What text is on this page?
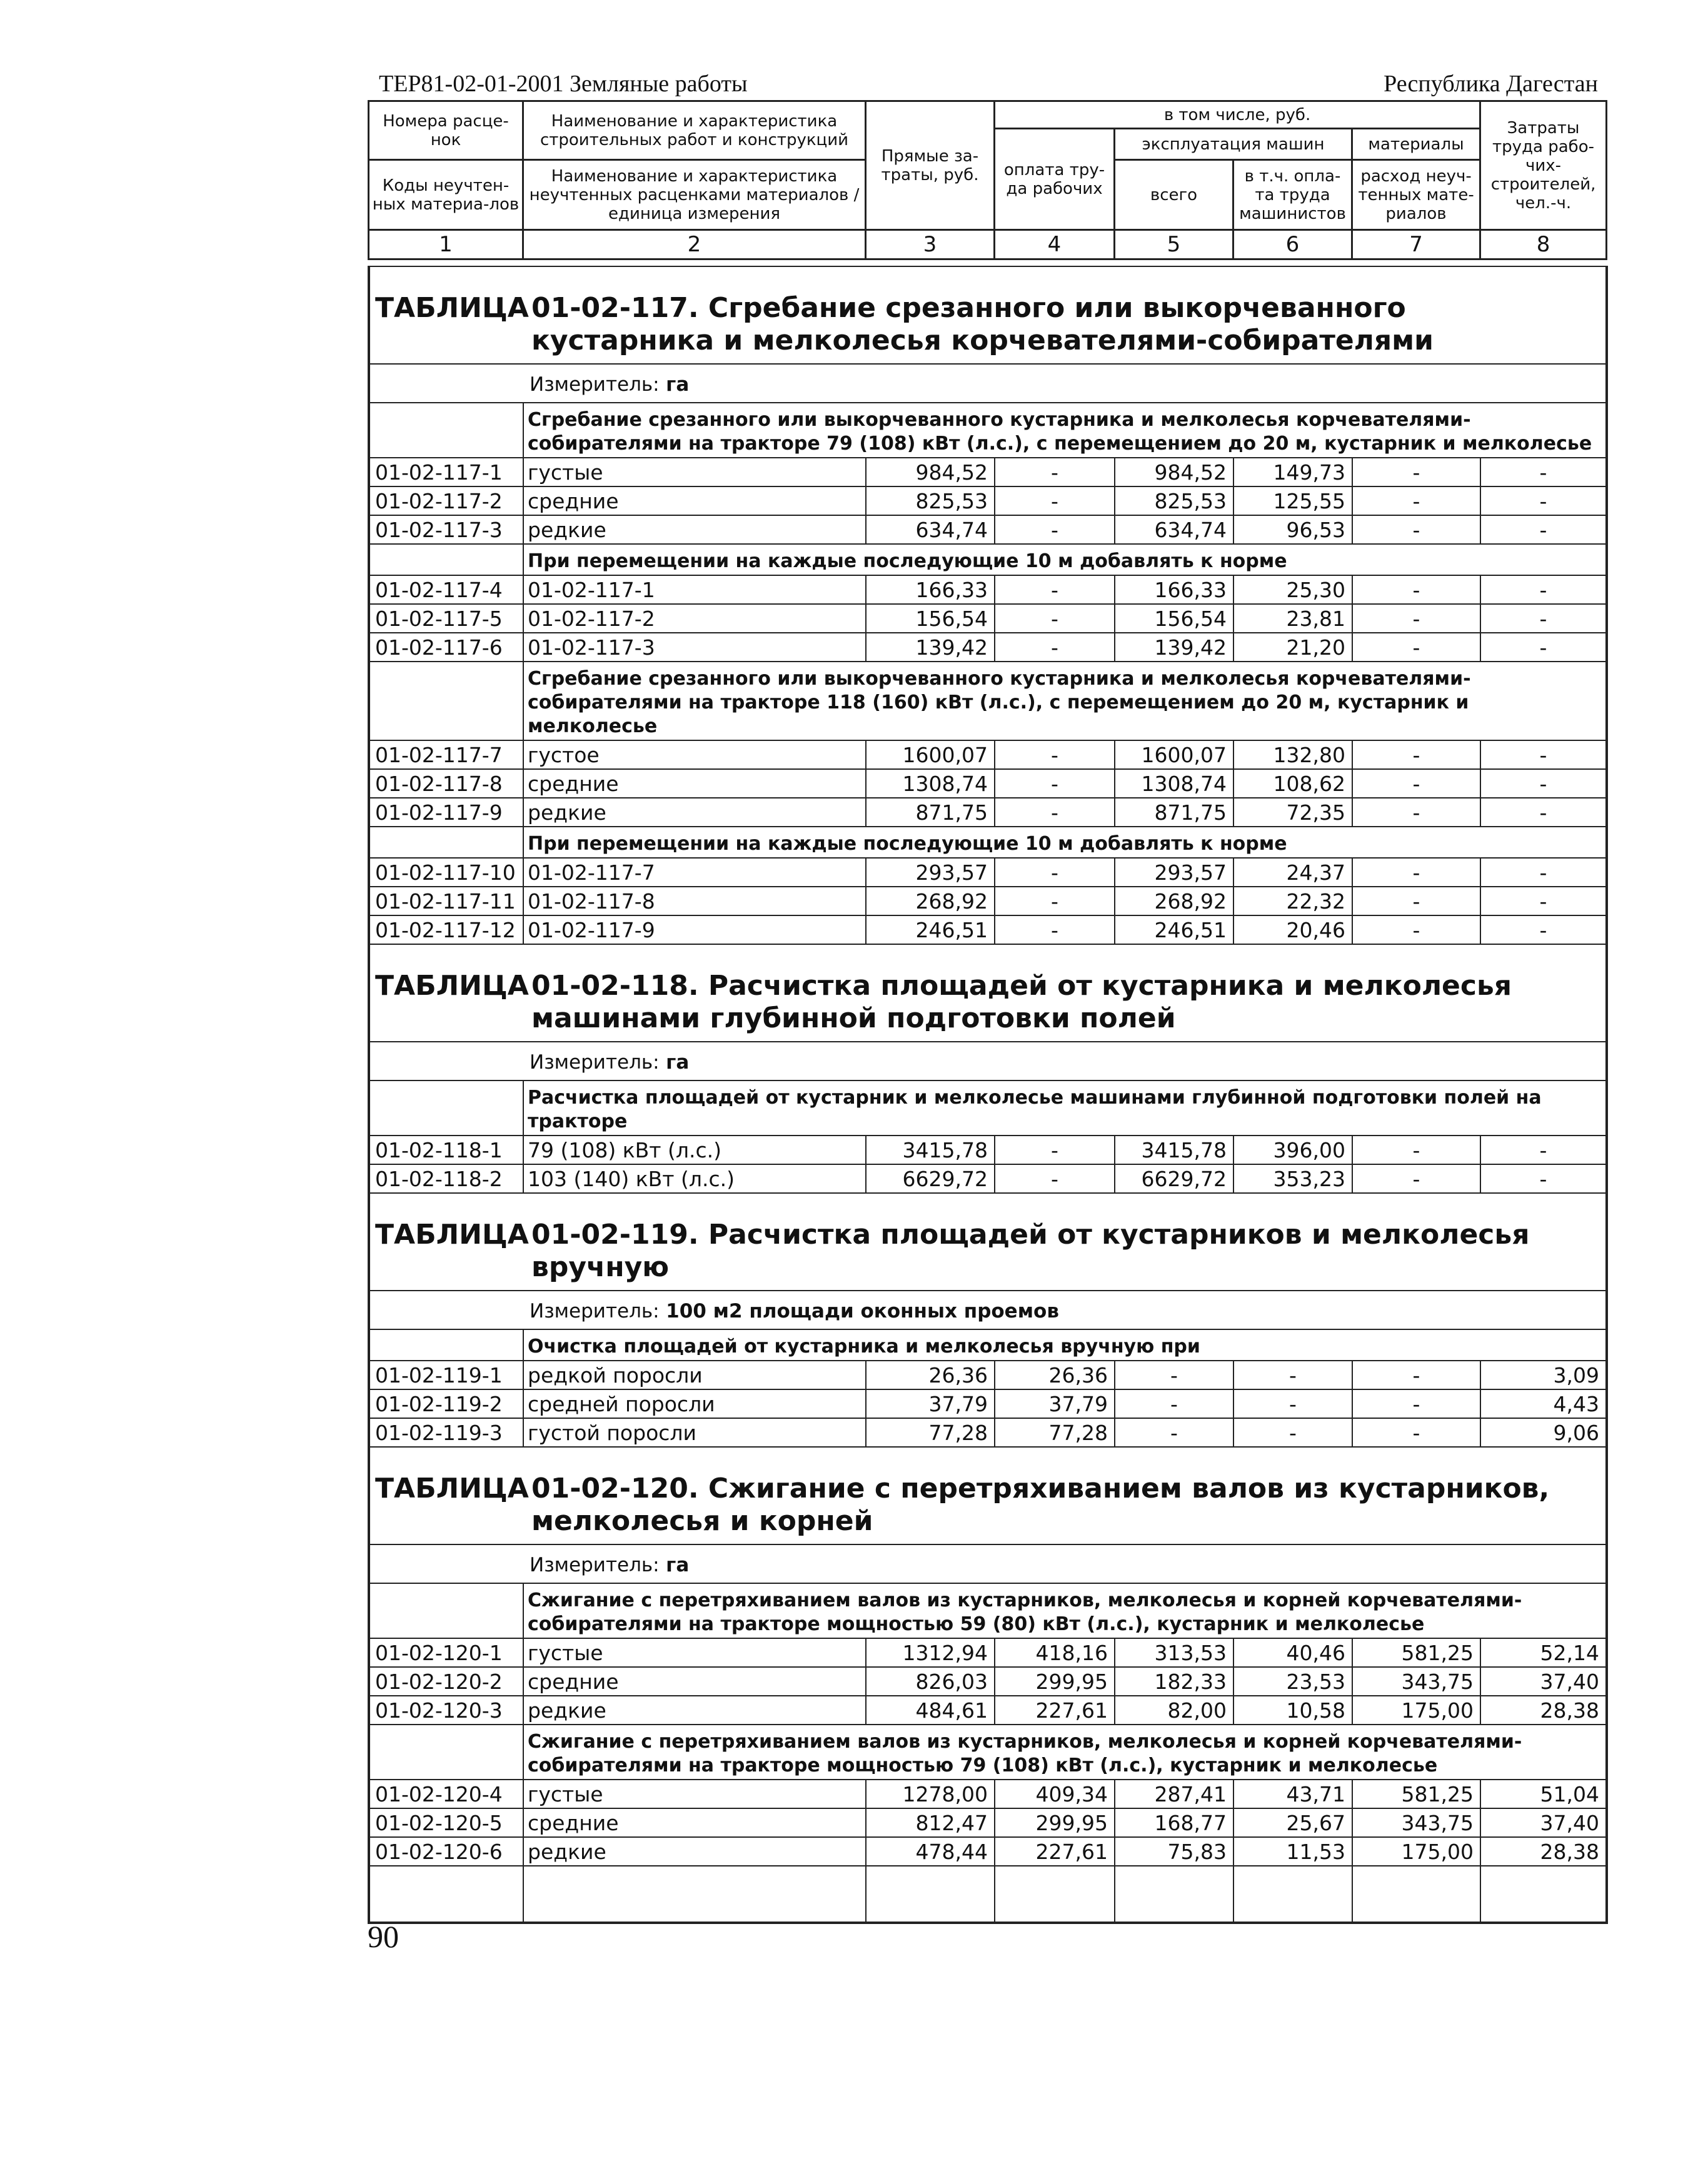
ТЕР81-02-01-2001 Земляные работы	Республика Дагестан
Номера расце-нок	Наименование и характеристика строительных работ и конструкций	Прямые за-траты, руб.	в том числе, руб.				Затраты труда рабо-чих-строителей, чел.-ч.
			оплата тру-да рабочих	эксплуатация машин		материалы	
Коды неучтен-ных материа-лов	Наименование и характеристика неучтенных расценками материалов / единица измерения			всего	в т.ч. опла-та труда машинистов	расход неуч-тенных мате-риалов	

1	2	3	4	5	6	7	8
ТАБЛИЦА01-02-117. Сгребание срезанного или выкорчеванного кустарника и мелколесья корчевателями-собирателями							

	Измеритель: га						
	Сгребание срезанного или выкорчеванного кустарника и мелколесья корчевателями- собирателями на тракторе 79 (108) кВт (л.с.), с перемещением до 20 м, кустарник и мелколесье						
01-02-117-1	густые	984,52	-	984,52	149,73	-	-
01-02-117-2	средние	825,53	-	825,53	125,55	-	-
01-02-117-3	редкие	634,74	-	634,74	96,53	-	-
	При перемещении на каждые последующие 10 м добавлять к норме						
01-02-117-4	01-02-117-1	166,33	-	166,33	25,30	-	-
01-02-117-5	01-02-117-2	156,54	-	156,54	23,81	-	-
01-02-117-6	01-02-117-3	139,42	-	139,42	21,20	-	-
	Сгребание срезанного или выкорчеванного кустарника и мелколесья корчевателями-собирателями на тракторе 118 (160) кВт (л.с.), с перемещением до 20 м, кустарник и мелколесье						
01-02-117-7	густое	1600,07	-	1600,07	132,80	-	-
01-02-117-8	средние	1308,74	-	1308,74	108,62	-	-
01-02-117-9	редкие	871,75	-	871,75	72,35	-	-
	При перемещении на каждые последующие 10 м добавлять к норме						
01-02-117-10	01-02-117-7	293,57	-	293,57	24,37	-	-
01-02-117-11	01-02-117-8	268,92	-	268,92	22,32	-	-
01-02-117-12	01-02-117-9	246,51	-	246,51	20,46	-	-

ТАБЛИЦА01-02-118. Расчистка площадей от кустарника и мелколесья машинами глубинной подготовки полей							

	Измеритель: га						
	Расчистка площадей от кустарник и мелколесье машинами глубинной подготовки полей на тракторе						
01-02-118-1	79 (108) кВт (л.с.)	3415,78	-	3415,78	396,00	-	-
01-02-118-2	103 (140) кВт (л.с.)	6629,72	-	6629,72	353,23	-	-

ТАБЛИЦА01-02-119. Расчистка площадей от кустарников и мелколесья вручную							

	Измеритель: 100 м2 площади оконных проемов						
	Очистка площадей от кустарника и мелколесья вручную при						
01-02-119-1	редкой поросли	26,36	26,36	-	-	-	3,09
01-02-119-2	средней поросли	37,79	37,79	-	-	-	4,43
01-02-119-3	густой поросли	77,28	77,28	-	-	-	9,06

ТАБЛИЦА01-02-120. Сжигание с перетряхиванием валов из кустарников, мелколесья и корней							

	Измеритель: га						
	Сжигание с перетряхиванием валов из кустарников, мелколесья и корней корчевателями-собирателями на тракторе мощностью 59 (80) кВт (л.с.), кустарник и мелколесье						
01-02-120-1	густые	1312,94	418,16	313,53	40,46	581,25	52,14
01-02-120-2	средние	826,03	299,95	182,33	23,53	343,75	37,40
01-02-120-3	редкие	484,61	227,61	82,00	10,58	175,00	28,38
	Сжигание с перетряхиванием валов из кустарников, мелколесья и корней корчевателями-собирателями на тракторе мощностью 79 (108) кВт (л.с.), кустарник и мелколесье						
01-02-120-4	густые	1278,00	409,34	287,41	43,71	581,25	51,04
01-02-120-5	средние	812,47	299,95	168,77	25,67	343,75	37,40
01-02-120-6	редкие	478,44	227,61	75,83	11,53	175,00	28,38

90
